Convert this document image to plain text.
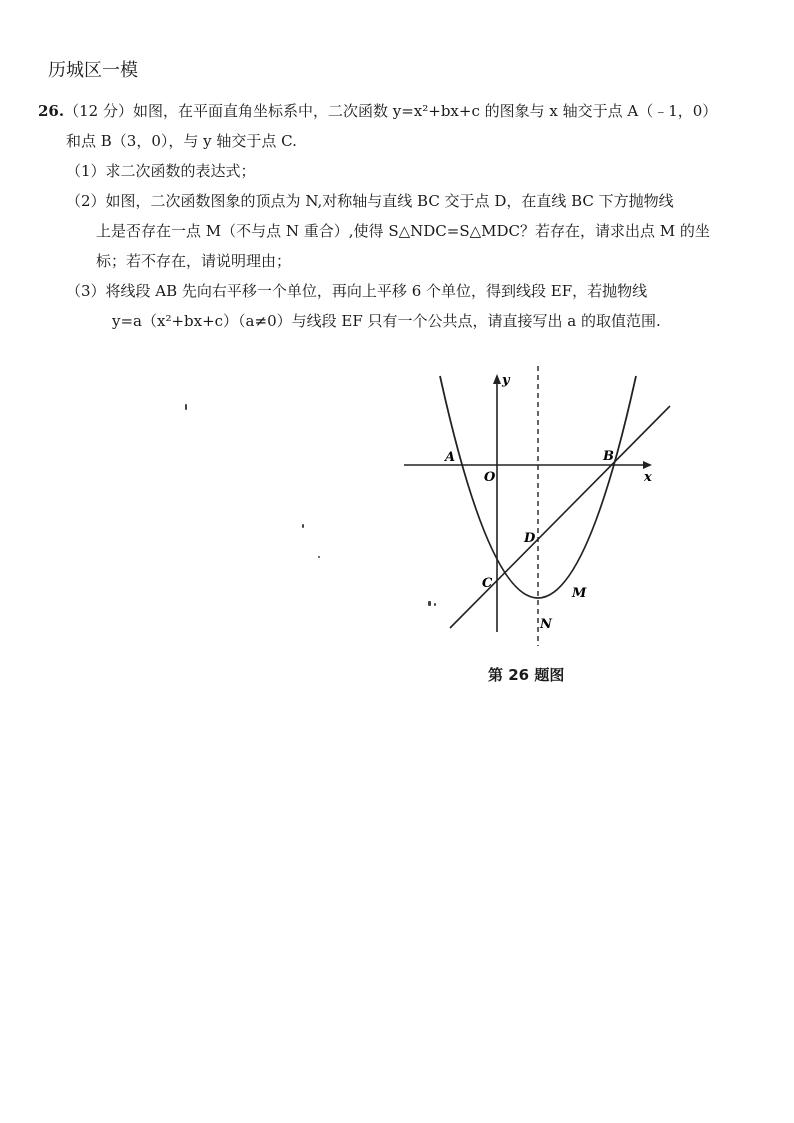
历城区一模
26.（12 分）如图，在平面直角坐标系中，二次函数 y=x²+bx+c 的图象与 x 轴交于点 A（﹣1，0）
和点 B（3，0），与 y 轴交于点 C.
（1）求二次函数的表达式；
（2）如图，二次函数图象的顶点为 N,对称轴与直线 BC 交于点 D，在直线 BC 下方抛物线
上是否存在一点 M（不与点 N 重合）,使得 S△NDC=S△MDC？若存在，请求出点 M 的坐
标；若不存在，请说明理由；
（3）将线段 AB 先向右平移一个单位，再向上平移 6 个单位，得到线段 EF，若抛物线
y=a（x²+bx+c）（a≠0）与线段 EF 只有一个公共点，请直接写出 a 的取值范围.
y
x
O
A	B
C
D
M
N
第 26 题图
